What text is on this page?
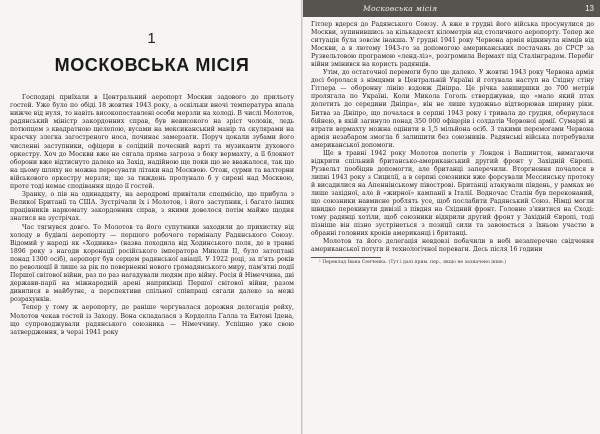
1
МОСКОВСЬКА МІСІЯ

Господарі приїхали в Центральний аеропорт Москви задового до прильоту гостей. Уже було по обіді 18 жовтня 1943 року, а оскільки вночі температура впала нижче від нуля, то навіть високопоставлені особи мерзли на холоді. В числі Молотов, радянський міністр закордонних справ, був невисокого на зріст чоловік, ледь потюпцем з квадратною щелепою, вусами на мексиканський манір та скулярами на красчку злегка загострeного носа, починає замерзати. Поруч цокали зубами його численні заступники, офіцери в солідній почесний варті та музиканти духового оркестру. Хоч до Москви вже не сягала пряма загроза з боку вермахту, а її блокнот оборони вже відтиснуто далеко на Захід, надійною ще поки що не вважалося, так що на цьому шляху не можна пересувати літаки над Москвою. Отож, сурми та валторни військового оркестру мерзли; ще за тиждень пролунало б у сирені над Москвою, проте тоді немає сподівання щодо її гостей.

Зранку, о пів на одинадцяту, на аеродромі привітали спецмісію, що прибула з Великої Британії та США. Зустрічали їх і Молотов, і його заступник, і багато інших працівників наркомату закордонних справ, з якими довелося потім майже щодня знатися на зустрічах.

Час тягнувся довго. То Молотов та його супутники заходили до прихистку від холоду в будівлі аеропорту — першого робочого терміналу Радянського Союзу. Відомий у народі як «Ходинка» (назва походила від Ходинського поля, де в травні 1896 року з нагоди коронації російського імператора Миколи II, було затоптані понад 1300 осіб), аеропорт був серцем радянської авіації. У 1922 році, за п'ять років по революції й лише за рік по поверненні нового громадянського миру, пам'ятні події Першої світової війни, раз по раз нагадували людям про війну. Росія й Німеччина, дві держави-парії на міжнародній арені наприкінці Першої світової війни, разом дивилися в майбутнє, а перспективи спільної співпраці сягали далеко за межі розрахунків.

Тепер у тому ж аеропорту, де раніше чергувалася дорожня делегація рейху, Молотов чекав гостей із Заходу. Вона складалася з Корделла Галла та Ентоні Ідена, що супроводжували радянського союзника — Німеччину. Успішно уже свою затвердження, в черзі 1941 року

Московська місія	13

Гітлер вдерся до Радянського Союзу. А вже в грудні його війська просунулися до Москви, зупинившись за кількадесят кілометрів від столичного аеропорту. Тепер же ситуація була зовсім інакша. У грудні 1941 року Червона армія відкинула німців від Москви, а в лютому 1943-го за допомогою американських постачань до СРСР за Рузвельтовою програмою «ленд-ліз», розгромила Вермахт під Сталінградом. Перебіг війни змінився на користь радянців.

Утім, до остаточної перемоги було ще далеко. У жовтні 1943 року Червона армія досі боролася з німцями в Центральній Україні й готувала наступ на Східну стіну Гітлера — оборонну лінію вздовж Дніпра. Це річка завширшки до 700 метрів пролягала по Україні. Коли Микола Гоголь стверджував, що «мало який птах долетить до середини Дніпра», він не лише художньо відтворював ширину ріки. Битва за Дніпро, що почалася в серпні 1943 року і тривала до грудня, обернулася бійнею, в якій загинуло понад 350 000 офіцерів і солдатів Червоної армії. Сумарні ж втрати вермахту можна оцінити в 1,5 мільйона осіб. З такими перемогами Червона армія незабаром змогла б залишити без союзників. Радянські війська потребували американської допомоги.

Ще в травні 1942 року Молотов полетів у Лондон і Вашингтон, вимагаючи відкрити спільний британсько-американський другий фронт у Західній Європі. Рузвельт пообіцяв допомогти, але британці заперечили. Вторгнення почалося в липні 1943 року з Сицилії, а в серпні союзники вже форсували Мессинську протоку й висадилися на Апеннінському півострові. Британці атакували південь, у рамках не лише західної, але й «жирної» кампанії в Італії. Водночас Сталін був переконаний, що союзники навмисне роблять усе, щоб послабити Радянський Союз. Німці могли швидко перекинути дивізії з півдня на Східний фронт. Головне з'явитися на Сході: тому радянці хотіли, щоб союзники відкрили другий фронт у Західній Європі, тоді пізніше він пізно зустрінеться з позиції сили та завоюється з їхньою участю в обранні головних кроків американці і британці.

Молотов та його делегація невдовзі побачили в небі незаперечне свідчення американської потуги й технологічної переваги. Десь після 16 години

¹ Переклад Івана Сенченка. (Тут і далі прим. пер., якщо не зазначено інше.)
